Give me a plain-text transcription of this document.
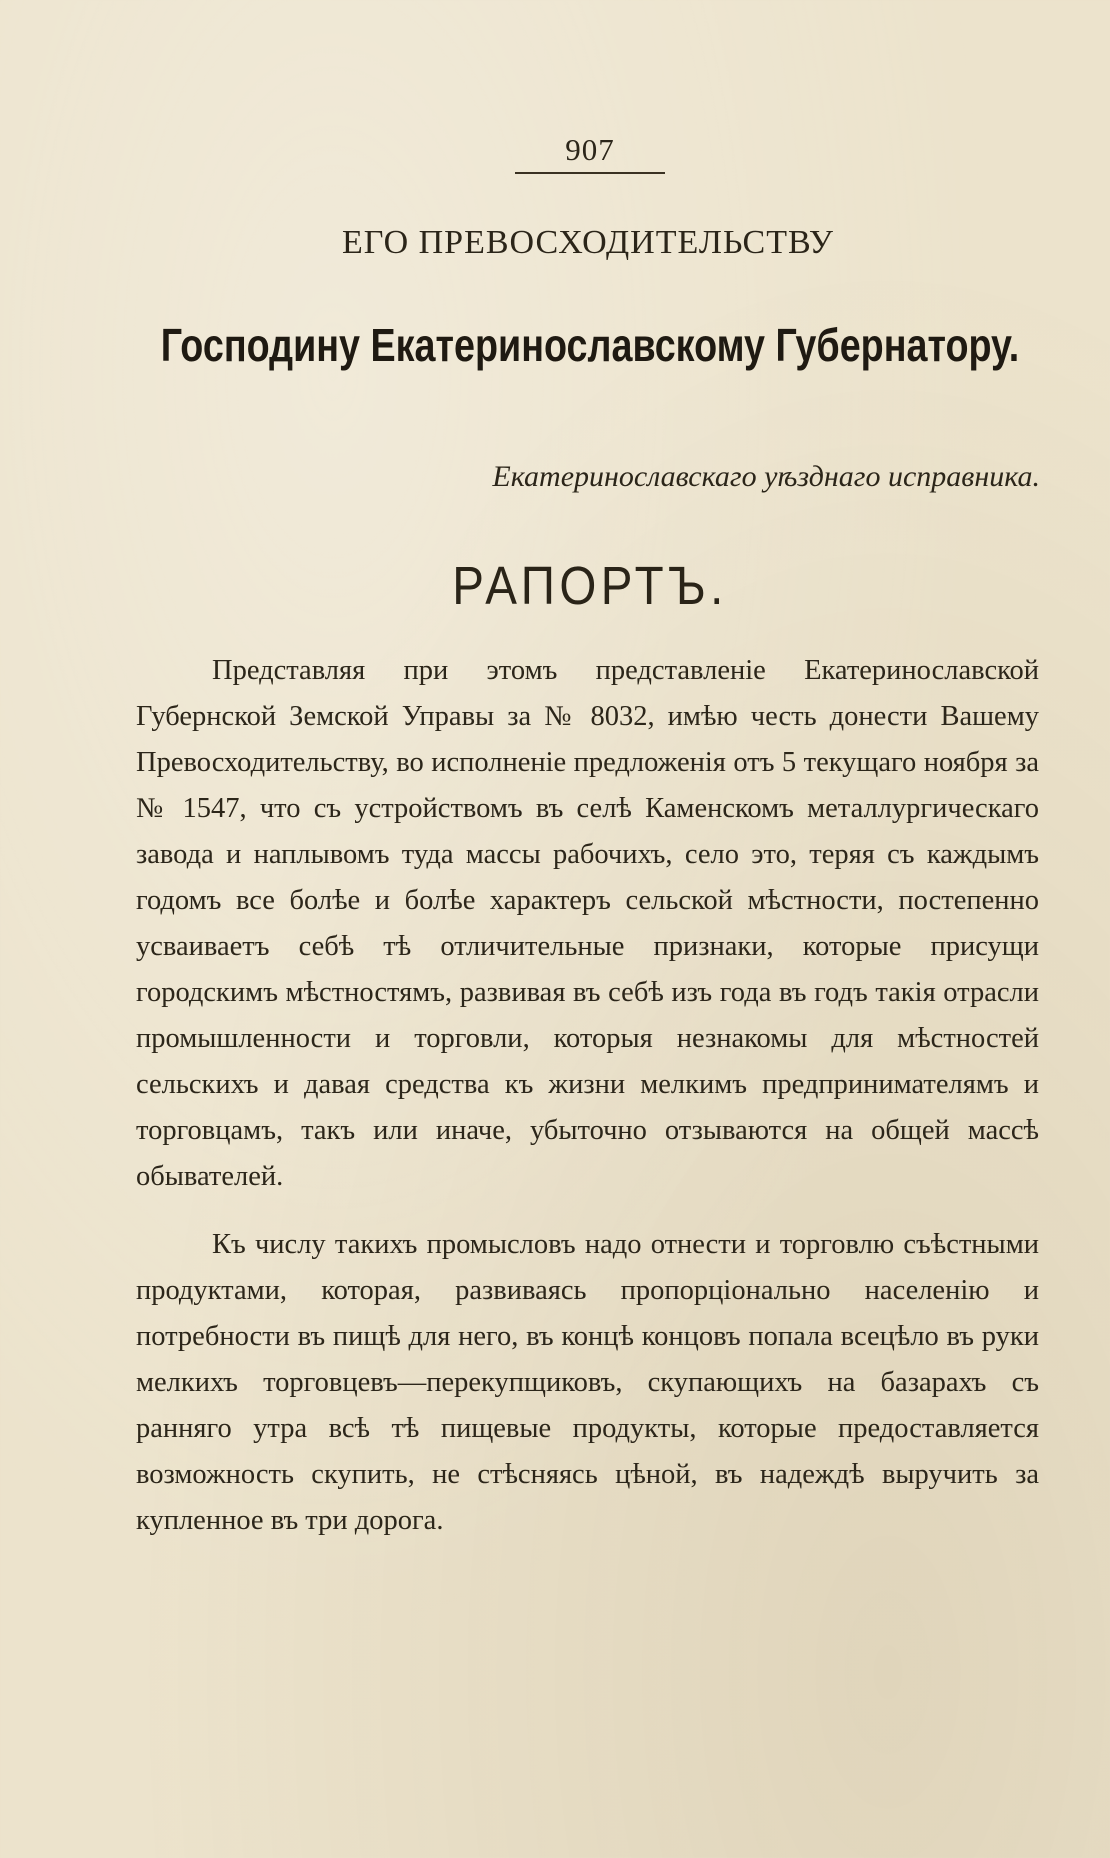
907
ЕГО ПРЕВОСХОДИТЕЛЬСТВУ
Господину Екатеринославскому Губернатору.
Екатеринославскаго уѣзднаго исправника.
РАПОРТЪ.

Представляя при этомъ представленіе Екатеринославской Губернской Земской Управы за № 8032, имѣю честь донести Вашему Превосходительству, во исполненіе предложенія отъ 5 текущаго ноября за № 1547, что съ устройствомъ въ селѣ Каменскомъ металлургическаго завода и наплывомъ туда массы рабочихъ, село это, теряя съ каждымъ годомъ все болѣе и болѣе характеръ сельской мѣстности, постепенно усваиваетъ себѣ тѣ отличительные признаки, которые присущи городскимъ мѣстностямъ, развивая въ себѣ изъ года въ годъ такія отрасли промышленности и торговли, которыя незнакомы для мѣстностей сельскихъ и давая средства къ жизни мелкимъ предпринимателямъ и торговцамъ, такъ или иначе, убыточно отзываются на общей массѣ обывателей.

Къ числу такихъ промысловъ надо отнести и торговлю съѣстными продуктами, которая, развиваясь пропорціонально населенію и потребности въ пищѣ для него, въ концѣ концовъ попала всецѣло въ руки мелкихъ торговцевъ—перекупщиковъ, скупающихъ на базарахъ съ ранняго утра всѣ тѣ пищевые продукты, которые предоставляется возможность скупить, не стѣсняясь цѣной, въ надеждѣ выручить за купленное въ три дорога.
